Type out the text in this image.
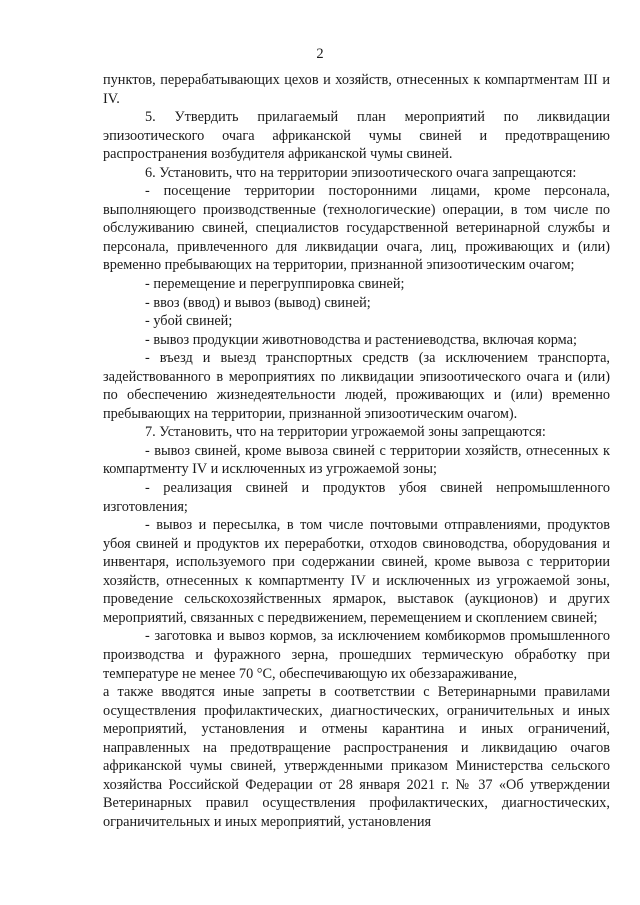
2

пунктов, перерабатывающих цехов и хозяйств, отнесенных к компартментам III и IV.

5. Утвердить прилагаемый план мероприятий по ликвидации эпизоотического очага африканской чумы свиней и предотвращению распространения возбудителя африканской чумы свиней.

6. Установить, что на территории эпизоотического очага запрещаются:

- посещение территории посторонними лицами, кроме персонала, выполняющего производственные (технологические) операции, в том числе по обслуживанию свиней, специалистов государственной ветеринарной службы и персонала, привлеченного для ликвидации очага, лиц, проживающих и (или) временно пребывающих на территории, признанной эпизоотическим очагом;

- перемещение и перегруппировка свиней;

- ввоз (ввод) и вывоз (вывод) свиней;

- убой свиней;

- вывоз продукции животноводства и растениеводства, включая корма;

- въезд и выезд транспортных средств (за исключением транспорта, задействованного в мероприятиях по ликвидации эпизоотического очага и (или) по обеспечению жизнедеятельности людей, проживающих и (или) временно пребывающих на территории, признанной эпизоотическим очагом).

7. Установить, что на территории угрожаемой зоны запрещаются:

- вывоз свиней, кроме вывоза свиней с территории хозяйств, отнесенных к компартменту IV и исключенных из угрожаемой зоны;

- реализация свиней и продуктов убоя свиней непромышленного изготовления;

- вывоз и пересылка, в том числе почтовыми отправлениями, продуктов убоя свиней и продуктов их переработки, отходов свиноводства, оборудования и инвентаря, используемого при содержании свиней, кроме вывоза с территории хозяйств, отнесенных к компартменту IV и исключенных из угрожаемой зоны, проведение сельскохозяйственных ярмарок, выставок (аукционов) и других мероприятий, связанных с передвижением, перемещением и скоплением свиней;

- заготовка и вывоз кормов, за исключением комбикормов промышленного производства и фуражного зерна, прошедших термическую обработку при температуре не менее 70 °С, обеспечивающую их обеззараживание,

а также вводятся иные запреты в соответствии с Ветеринарными правилами осуществления профилактических, диагностических, ограничительных и иных мероприятий, установления и отмены карантина и иных ограничений, направленных на предотвращение распространения и ликвидацию очагов африканской чумы свиней, утвержденными приказом Министерства сельского хозяйства Российской Федерации от 28 января 2021 г. № 37 «Об утверждении Ветеринарных правил осуществления профилактических, диагностических, ограничительных и иных мероприятий, установления
